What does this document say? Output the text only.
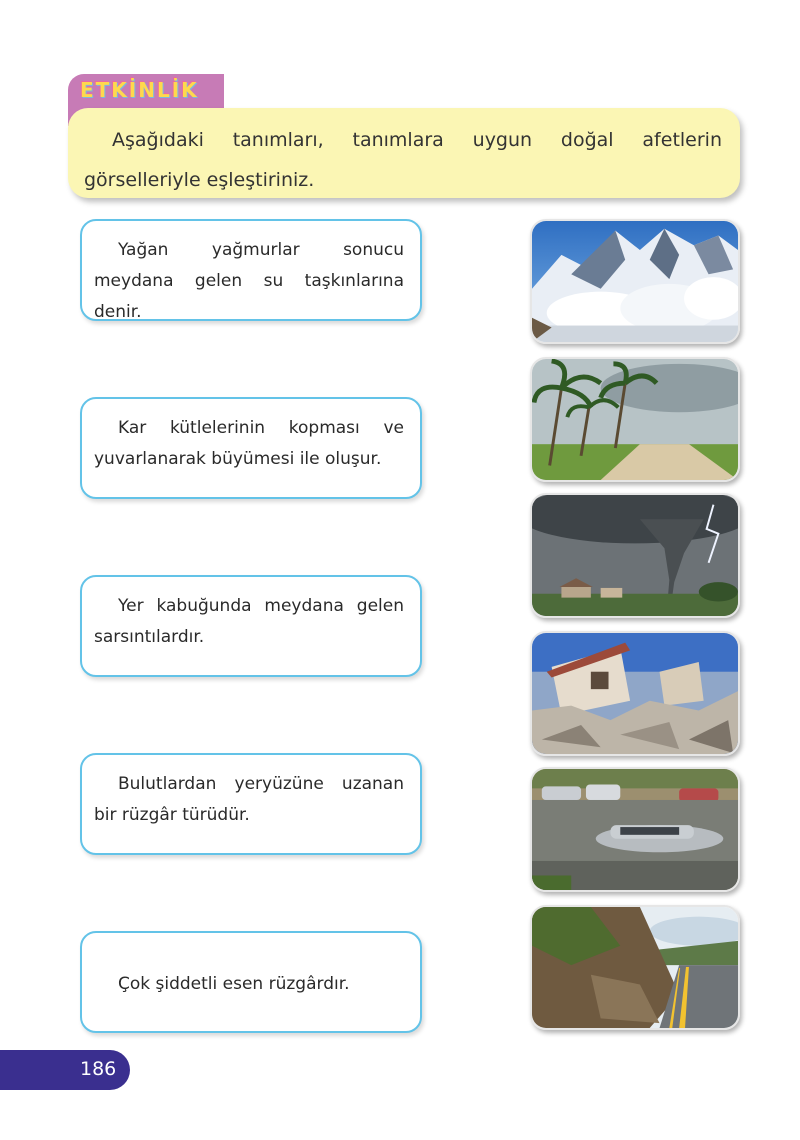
ETKİNLİK
Aşağıdaki tanımları, tanımlara uygun doğal afetlerin görselleriyle eşleştiriniz.
Yağan yağmurlar sonucu meydana gelen su taşkınlarına denir.
Kar kütlelerinin kopması ve yuvarlanarak büyümesi ile oluşur.
Yer kabuğunda meydana gelen sarsıntılardır.
Bulutlardan yeryüzüne uzanan bir rüzgâr türüdür.
Çok şiddetli esen rüzgârdır.
186
